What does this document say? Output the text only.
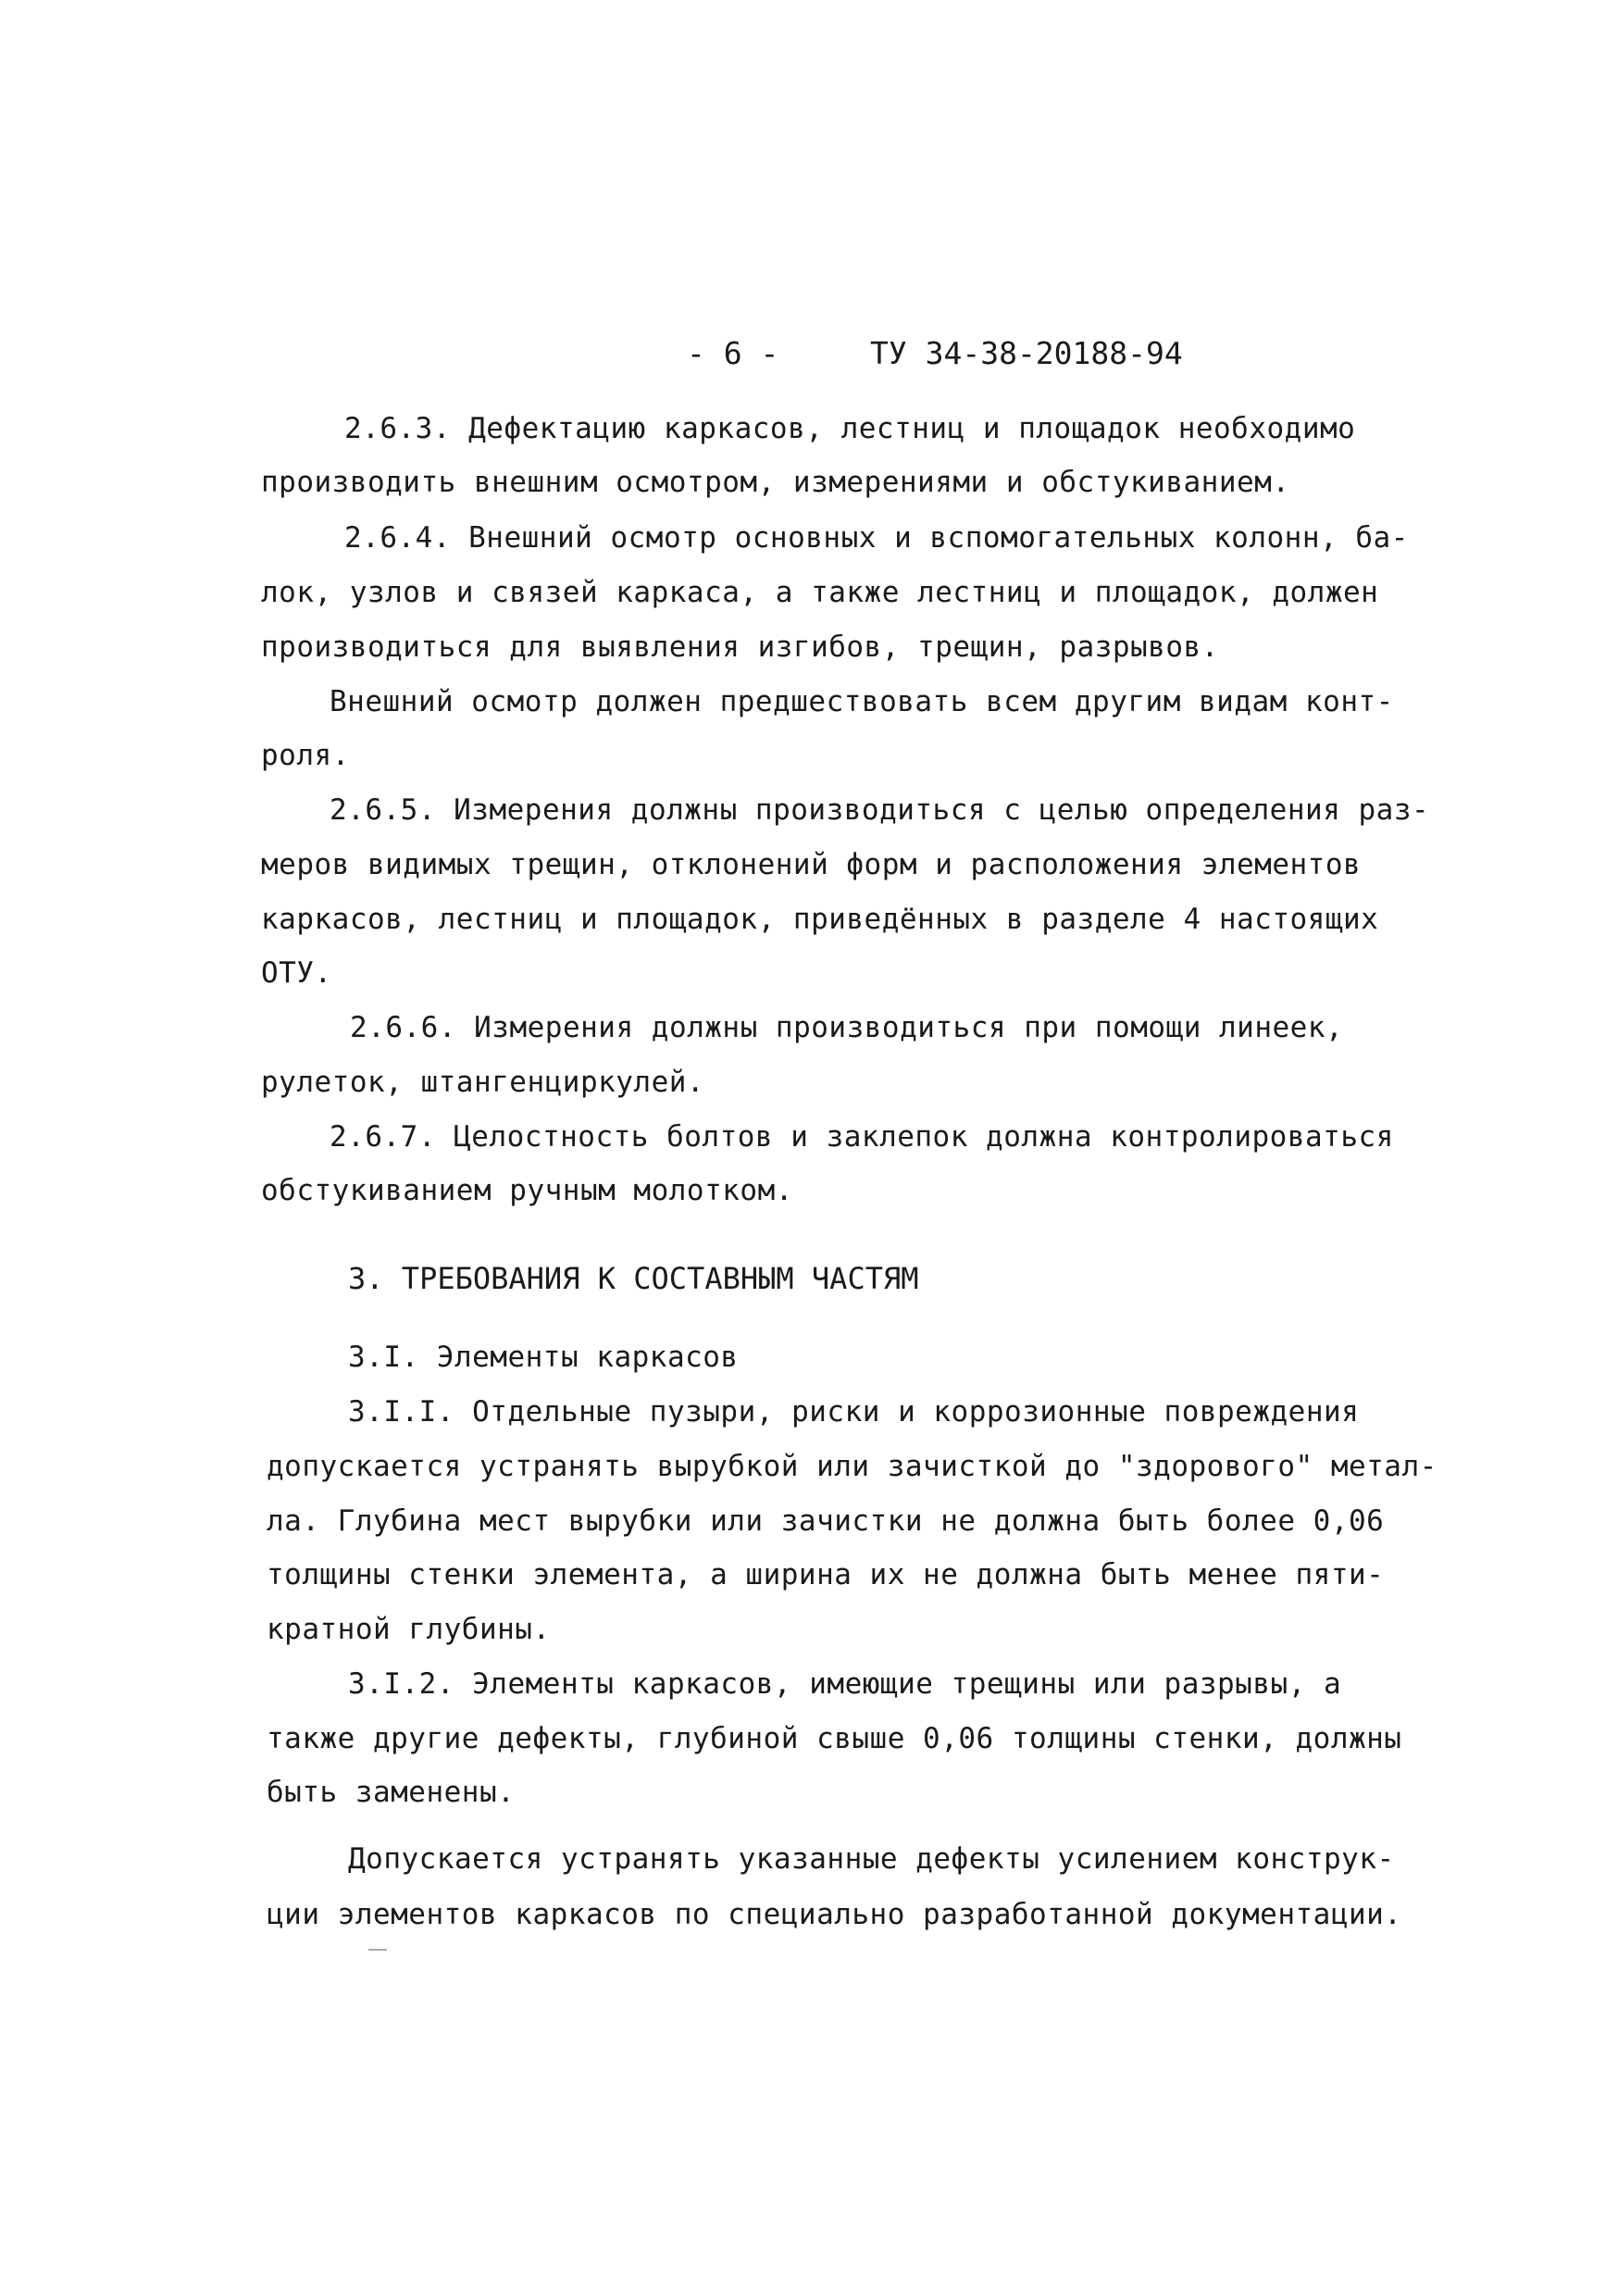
- 6 -	ТУ 34-38-20188-94
2.6.3. Дефектацию каркасов, лестниц и площадок необходимо
производить внешним осмотром, измерениями и обстукиванием.
2.6.4. Внешний осмотр основных и вспомогательных колонн, ба-
лок, узлов и связей каркаса, а также лестниц и площадок, должен
производиться для выявления изгибов, трещин, разрывов.
Внешний осмотр должен предшествовать всем другим видам конт-
роля.
2.6.5. Измерения должны производиться с целью определения раз-
меров видимых трещин, отклонений форм и расположения элементов
каркасов, лестниц и площадок, приведённых в разделе 4 настоящих
ОТУ.
2.6.6. Измерения должны производиться при помощи линеек,
рулеток, штангенциркулей.
2.6.7. Целостность болтов и заклепок должна контролироваться
обстукиванием ручным молотком.
3. ТРЕБОВАНИЯ К СОСТАВНЫМ ЧАСТЯМ
3.I. Элементы каркасов
3.I.I. Отдельные пузыри, риски и коррозионные повреждения
допускается устранять вырубкой или зачисткой до "здорового" метал-
ла. Глубина мест вырубки или зачистки не должна быть более 0,06
толщины стенки элемента, а ширина их не должна быть менее пяти-
кратной глубины.
3.I.2. Элементы каркасов, имеющие трещины или разрывы, а
также другие дефекты, глубиной свыше 0,06 толщины стенки, должны
быть заменены.
Допускается устранять указанные дефекты усилением конструк-
ции элементов каркасов по специально разработанной документации.
